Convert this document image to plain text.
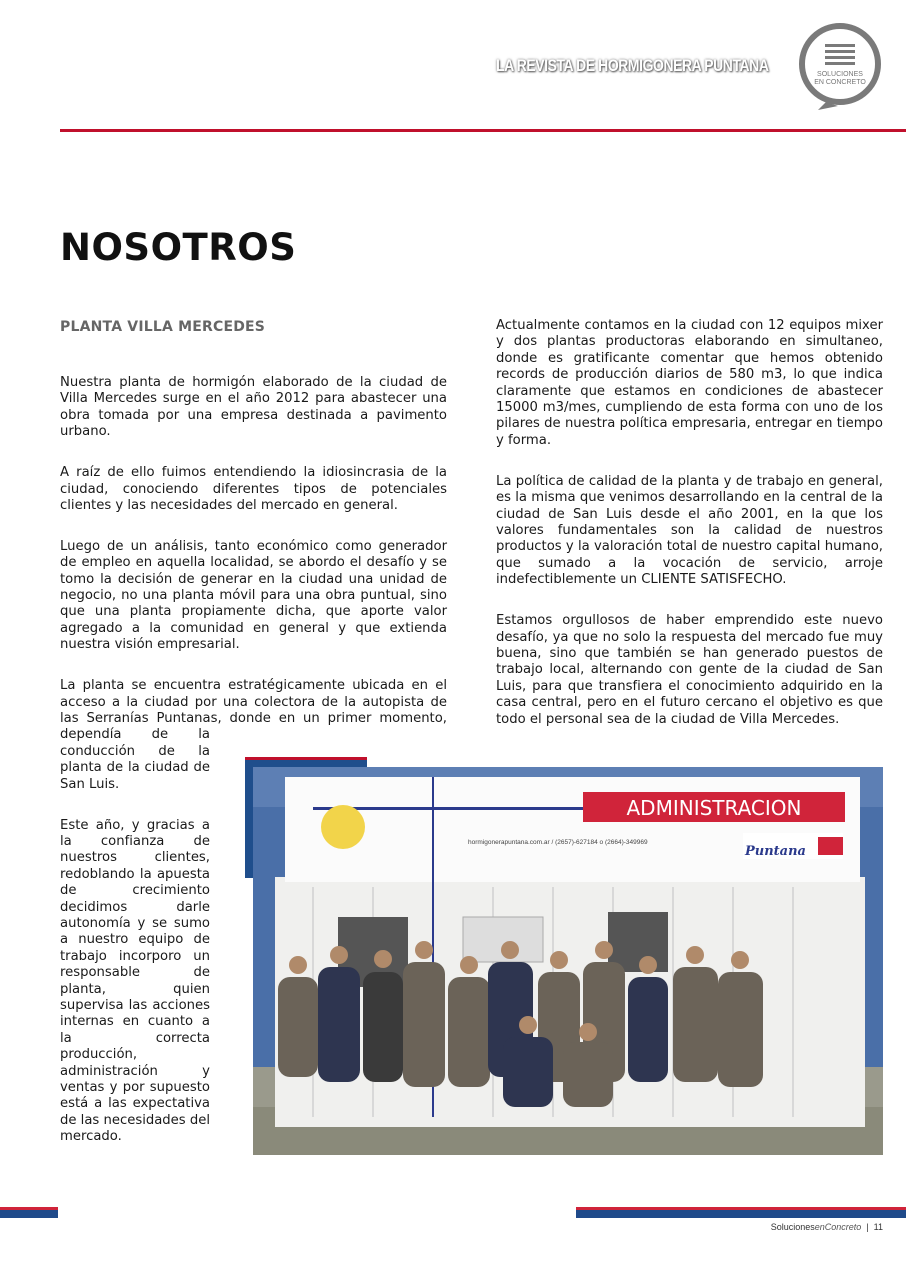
LA REVISTA DE HORMIGONERA PUNTANA	SOLUCIONES
EN CONCRETO
NOSOTROS
PLANTA VILLA MERCEDES

Nuestra planta de hormigón elaborado de la ciudad de Villa Mercedes surge en el año 2012 para abastecer una obra tomada por una empresa destinada a pavimento urbano.

A raíz de ello fuimos entendiendo la idiosincrasia de la ciudad, conociendo diferentes tipos de potenciales clientes y las necesidades del mercado en general.

Luego de un análisis, tanto económico como generador de empleo en aquella localidad, se abordo el desafío y se tomo la decisión de generar en la ciudad una unidad de negocio, no una planta móvil para una obra puntual, sino que una planta propiamente dicha, que aporte valor agregado a la comunidad en general y que extienda nuestra visión empresarial.

La planta se encuentra estratégicamente ubicada en el acceso a la ciudad por una colectora de la autopista de las Serranías Puntanas, donde en un primer momento, dependía de la conducción de la planta de la ciudad de San Luis.

Este año, y gracias a la confianza de nuestros clientes, redoblando la apuesta de crecimiento decidimos darle autonomía y se sumo a nuestro equipo de trabajo incorporo un responsable de planta, quien supervisa las acciones internas en cuanto a la correcta producción, administración y ventas y por supuesto está a las expectativa de las necesidades del mercado.

Actualmente contamos en la ciudad con 12 equipos mixer y dos plantas productoras elaborando en simultaneo, donde es gratificante comentar que hemos obtenido records de producción diarios de 580 m3, lo que indica claramente que estamos en condiciones de abastecer 15000 m3/mes, cumpliendo de esta forma con uno de los pilares de nuestra política empresaria, entregar en tiempo y forma.

La política de calidad de la planta y de trabajo en general, es la misma que venimos desarrollando en la central de la ciudad de San Luis desde el año 2001, en la que los valores fundamentales son la calidad de nuestros productos y la valoración total de nuestro capital humano, que sumado a la vocación de servicio, arroje indefectiblemente un CLIENTE SATISFECHO.

Estamos orgullosos de haber emprendido este nuevo desafío, ya que no solo la respuesta del mercado fue muy buena, sino que también se han generado puestos de trabajo local, alternando con gente de la ciudad de San Luis, para que transfiera el conocimiento adquirido en la casa central, pero en el futuro cercano el objetivo es que todo el personal sea de la ciudad de Villa Mercedes.

ADMINISTRACION
hormigonerapuntana.com.ar / (2657)-627184 o (2664)-349969
Puntana
SolucionesenConcreto  |  11
